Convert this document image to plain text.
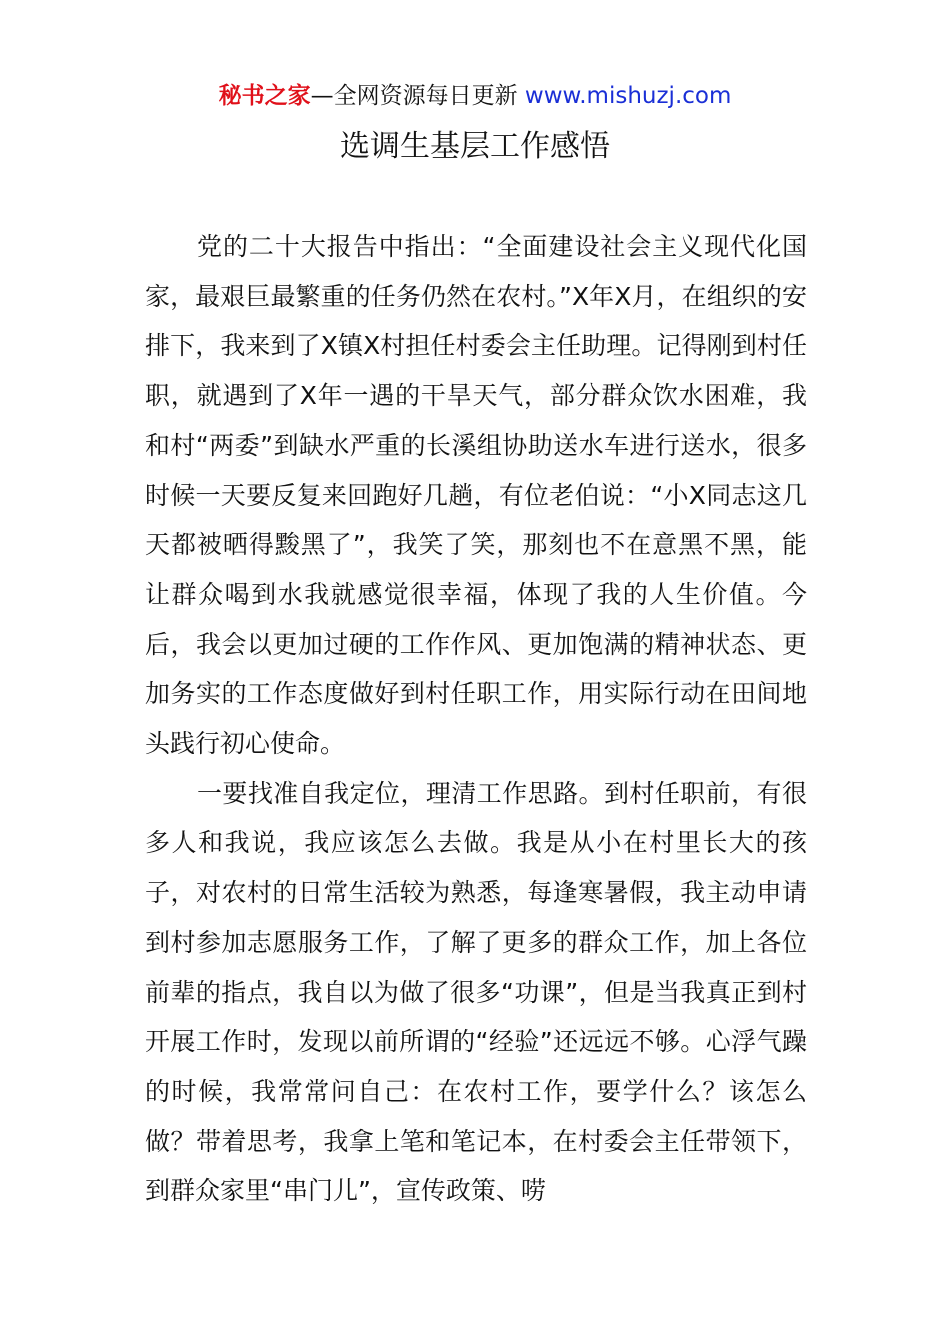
秘书之家—全网资源每日更新 www.mishuzj.com
选调生基层工作感悟

党的二十大报告中指出：“全面建设社会主义现代化国家，最艰巨最繁重的任务仍然在农村。”X年X月，在组织的安排下，我来到了X镇X村担任村委会主任助理。记得刚到村任职，就遇到了X年一遇的干旱天气，部分群众饮水困难，我和村“两委”到缺水严重的长溪组协助送水车进行送水，很多时候一天要反复来回跑好几趟，有位老伯说：“小X同志这几天都被晒得黢黑了”，我笑了笑，那刻也不在意黑不黑，能让群众喝到水我就感觉很幸福，体现了我的人生价值。今后，我会以更加过硬的工作作风、更加饱满的精神状态、更加务实的工作态度做好到村任职工作，用实际行动在田间地头践行初心使命。

一要找准自我定位，理清工作思路。到村任职前，有很多人和我说，我应该怎么去做。我是从小在村里长大的孩子，对农村的日常生活较为熟悉，每逢寒暑假，我主动申请到村参加志愿服务工作，了解了更多的群众工作，加上各位前辈的指点，我自以为做了很多“功课”，但是当我真正到村开展工作时，发现以前所谓的“经验”还远远不够。心浮气躁的时候，我常常问自己：在农村工作，要学什么？该怎么做？带着思考，我拿上笔和笔记本，在村委会主任带领下，到群众家里“串门儿”，宣传政策、唠
